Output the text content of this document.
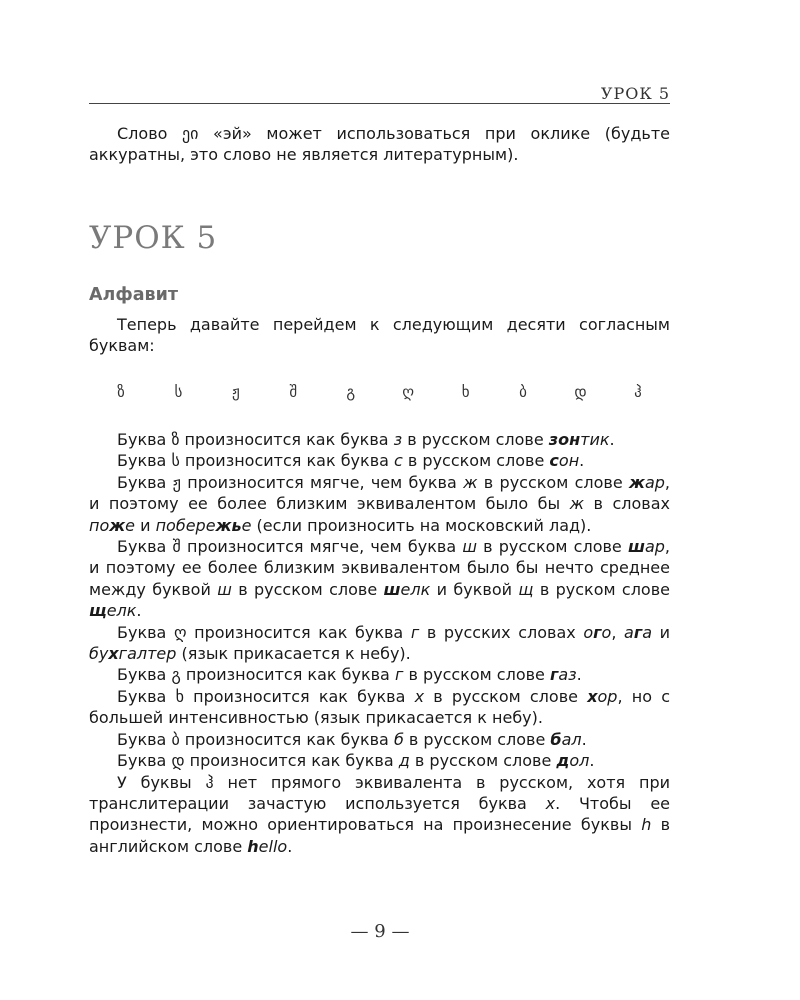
УРОК 5

Слово ეი «эй» может использоваться при оклике (будьте аккуратны, это слово не является литературным).

УРОК 5
Алфавит

Теперь давайте перейдем к следующим десяти согласным буквам:

ზ	ს	ჟ	შ	გ	ღ	ხ	ბ	დ	ჰ

Буква ზ произносится как буква з в русском слове зонтик.

Буква ს произносится как буква с в русском слове сон.

Буква ჟ произносится мягче, чем буква ж в русском слове жар, и поэтому ее более близким эквивалентом было бы ж в словах поже и побережье (если произносить на московский лад).

Буква შ произносится мягче, чем буква ш в русском слове шар, и поэтому ее более близким эквивалентом было бы нечто среднее между буквой ш в русском слове шелк и буквой щ в руском слове щелк.

Буква ღ произносится как буква г в русских словах ого, ага и бухгалтер (язык прикасается к небу).

Буква გ произносится как буква г в русском слове газ.

Буква ხ произносится как буква х в русском слове хор, но с большей интенсивностью (язык прикасается к небу).

Буква ბ произносится как буква б в русском слове бал.

Буква დ произносится как буква д в русском слове дол.

У буквы ჰ нет прямого эквивалента в русском, хотя при транслитерации зачастую используется буква х. Чтобы ее произнести, можно ориентироваться на произнесение буквы h в английском слове hello.

— 9 —
